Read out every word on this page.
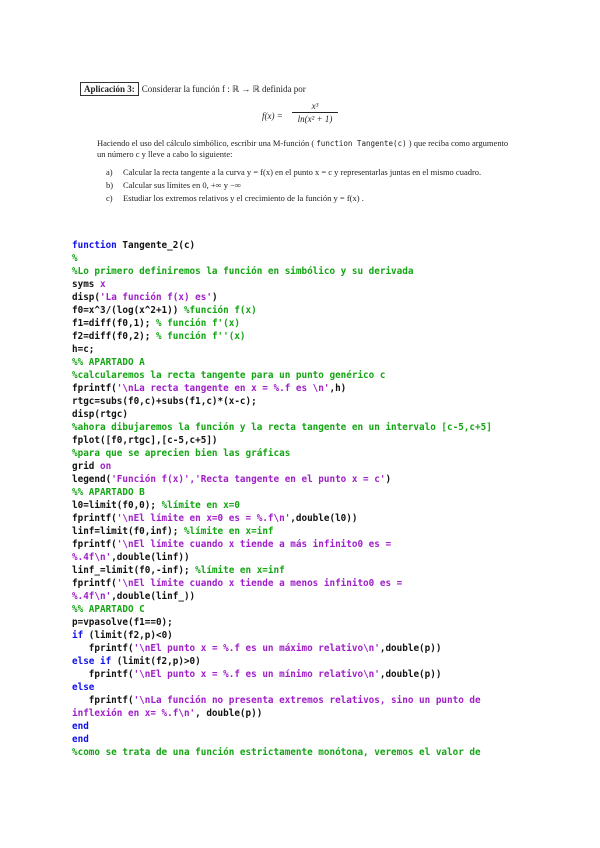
Aplicación 3: Considerar la función f : ℝ → ℝ definida por
f(x) =
x³
ln(x² + 1)
Haciendo el uso del cálculo simbólico, escribir una M-función ( function Tangente(c) ) que reciba como argumento un número c y lleve a cabo lo siguiente:
a) Calcular la recta tangente a la curva y = f(x) en el punto x = c y representarlas juntas en el mismo cuadro.
b) Calcular sus límites en 0, +∞ y −∞
c) Estudiar los extremos relativos y el crecimiento de la función y = f(x) .
function Tangente_2(c)
%
%Lo primero definiremos la función en simbólico y su derivada
syms x
disp('La función f(x) es')
f0=x^3/(log(x^2+1)) %función f(x)
f1=diff(f0,1); % función f'(x)
f2=diff(f0,2); % función f''(x)
h=c;
%% APARTADO A
%calcularemos la recta tangente para un punto genérico c
fprintf('\nLa recta tangente en x = %.f es \n',h)
rtgc=subs(f0,c)+subs(f1,c)*(x-c);
disp(rtgc)
%ahora dibujaremos la función y la recta tangente en un intervalo [c-5,c+5]
fplot([f0,rtgc],[c-5,c+5])
%para que se aprecien bien las gráficas
grid on
legend('Función f(x)','Recta tangente en el punto x = c')
%% APARTADO B
l0=limit(f0,0); %límite en x=0
fprintf('\nEl límite en x=0 es = %.f\n',double(l0))
linf=limit(f0,inf); %límite en x=inf
fprintf('\nEl límite cuando x tiende a más infinito0 es =
%.4f\n',double(linf))
linf_=limit(f0,-inf); %límite en x=inf
fprintf('\nEl límite cuando x tiende a menos infinito0 es =
%.4f\n',double(linf_))
%% APARTADO C
p=vpasolve(f1==0);
if (limit(f2,p)<0)
fprintf('\nEl punto x = %.f es un máximo relativo\n',double(p))
else if (limit(f2,p)>0)
fprintf('\nEl punto x = %.f es un mínimo relativo\n',double(p))
else
fprintf('\nLa función no presenta extremos relativos, sino un punto de
inflexión en x= %.f\n', double(p))
end
end
%como se trata de una función estrictamente monótona, veremos el valor de
